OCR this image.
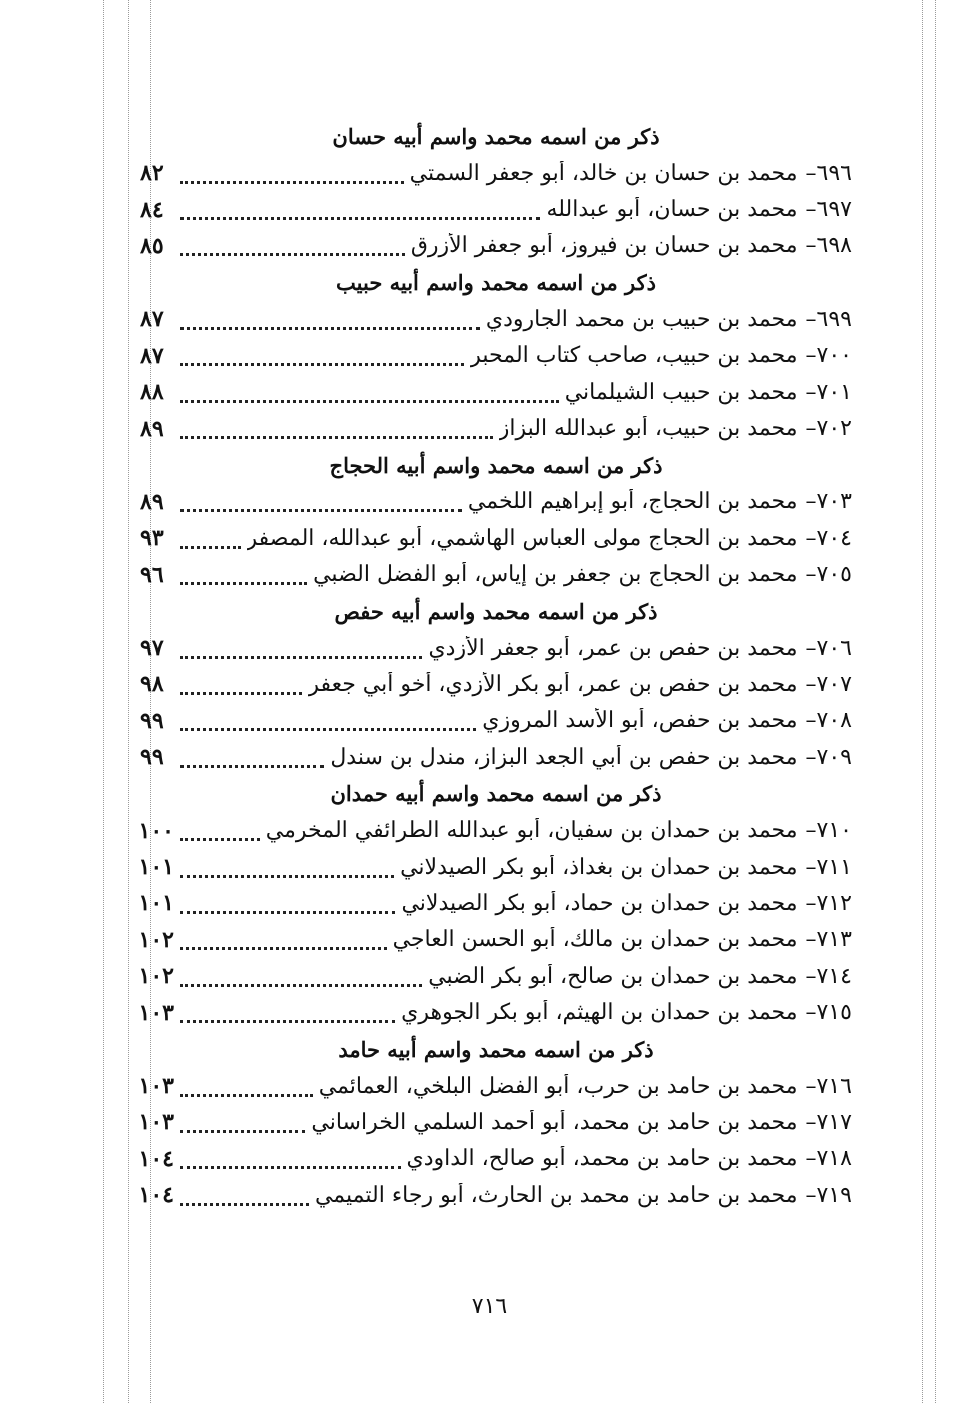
ذكر من اسمه محمد واسم أبيه حسان
٦٩٦–
محمد بن حسان بن خالد، أبو جعفر السمتي
٨٢
٦٩٧–
محمد بن حسان، أبو عبدالله
٨٤
٦٩٨–
محمد بن حسان بن فيروز، أبو جعفر الأزرق
٨٥
ذكر من اسمه محمد واسم أبيه حبيب
٦٩٩–
محمد بن حبيب بن محمد الجارودي
٨٧
٧٠٠–
محمد بن حبيب، صاحب كتاب المحبر
٨٧
٧٠١–
محمد بن حبيب الشيلماني
٨٨
٧٠٢–
محمد بن حبيب، أبو عبدالله البزاز
٨٩
ذكر من اسمه محمد واسم أبيه الحجاج
٧٠٣–
محمد بن الحجاج، أبو إبراهيم اللخمي
٨٩
٧٠٤–
محمد بن الحجاج مولى العباس الهاشمي، أبو عبدالله، المصفر
٩٣
٧٠٥–
محمد بن الحجاج بن جعفر بن إياس، أبو الفضل الضبي
٩٦
ذكر من اسمه محمد واسم أبيه حفص
٧٠٦–
محمد بن حفص بن عمر، أبو جعفر الأزدي
٩٧
٧٠٧–
محمد بن حفص بن عمر، أبو بكر الأزدي، أخو أبي جعفر
٩٨
٧٠٨–
محمد بن حفص، أبو الأسد المروزي
٩٩
٧٠٩–
محمد بن حفص بن أبي الجعد البزاز، مندل بن سندل
٩٩
ذكر من اسمه محمد واسم أبيه حمدان
٧١٠–
محمد بن حمدان بن سفيان، أبو عبدالله الطرائفي المخرمي
١٠٠
٧١١–
محمد بن حمدان بن بغداذ، أبو بكر الصيدلاني
١٠١
٧١٢–
محمد بن حمدان بن حماد، أبو بكر الصيدلاني
١٠١
٧١٣–
محمد بن حمدان بن مالك، أبو الحسن العاجي
١٠٢
٧١٤–
محمد بن حمدان بن صالح، أبو بكر الضبي
١٠٢
٧١٥–
محمد بن حمدان بن الهيثم، أبو بكر الجوهري
١٠٣
ذكر من اسمه محمد واسم أبيه حامد
٧١٦–
محمد بن حامد بن حرب، أبو الفضل البلخي، العمائمي
١٠٣
٧١٧–
محمد بن حامد بن محمد، أبو أحمد السلمي الخراساني
١٠٣
٧١٨–
محمد بن حامد بن محمد، أبو صالح، الداودي
١٠٤
٧١٩–
محمد بن حامد بن محمد بن الحارث، أبو رجاء التميمي
١٠٤
٧١٦
